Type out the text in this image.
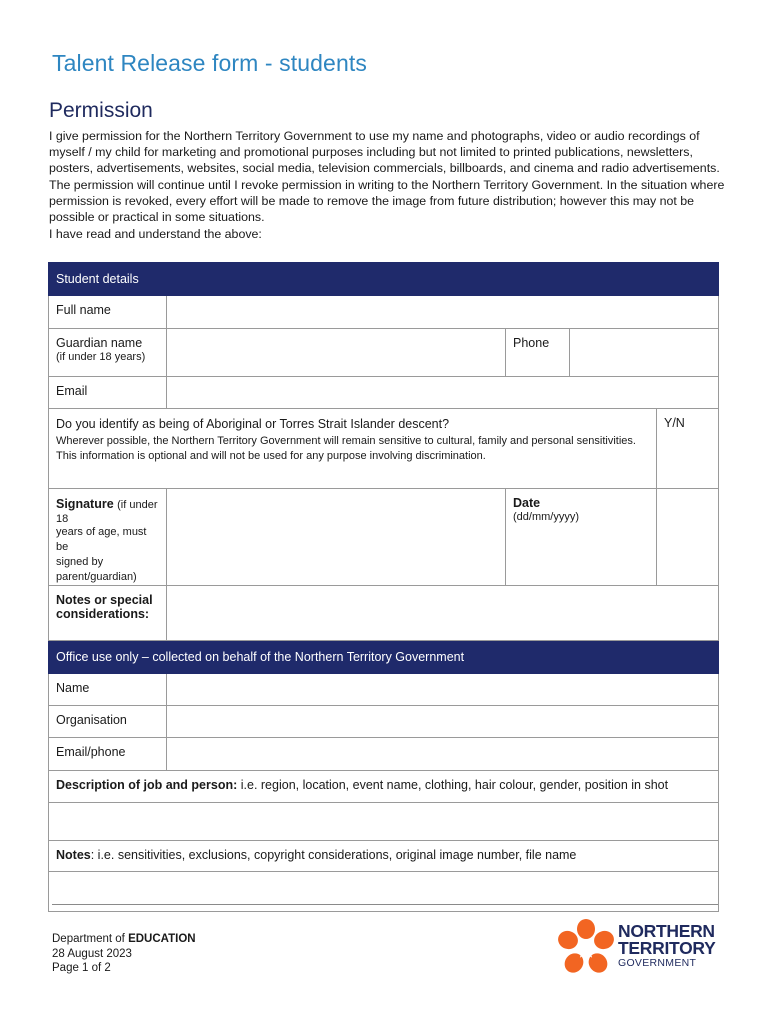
Talent Release form - students
Permission

I give permission for the Northern Territory Government to use my name and photographs, video or audio recordings of myself / my child for marketing and promotional purposes including but not limited to printed publications, newsletters, posters, advertisements, websites, social media, television commercials, billboards, and cinema and radio advertisements.

The permission will continue until I revoke permission in writing to the Northern Territory Government. In the situation where permission is revoked, every effort will be made to remove the image from future distribution; however this may not be possible or practical in some situations.

I have read and understand the above:

Student details				

Full name				

Guardian name
(if under 18 years)		Phone		

Email				

Do you identify as being of Aboriginal or Torres Strait Islander descent?
Wherever possible, the Northern Territory Government will remain sensitive to cultural, family and personal sensitivities. This information is optional and will not be used for any purpose involving discrimination.				Y/N

Signature (if under 18
years of age, must be
signed by parent/guardian)		Date
(dd/mm/yyyy)		

Notes or special
considerations:				

Office use only – collected on behalf of the Northern Territory Government				

Name				

Organisation				

Email/phone				

Description of job and person: i.e. region, location, event name, clothing, hair colour, gender, position in shot				

Notes: i.e. sensitivities, exclusions, copyright considerations, original image number, file name				

Department of EDUCATION
28 August 2023
Page 1 of 2
NORTHERN
TERRITORY
GOVERNMENT
